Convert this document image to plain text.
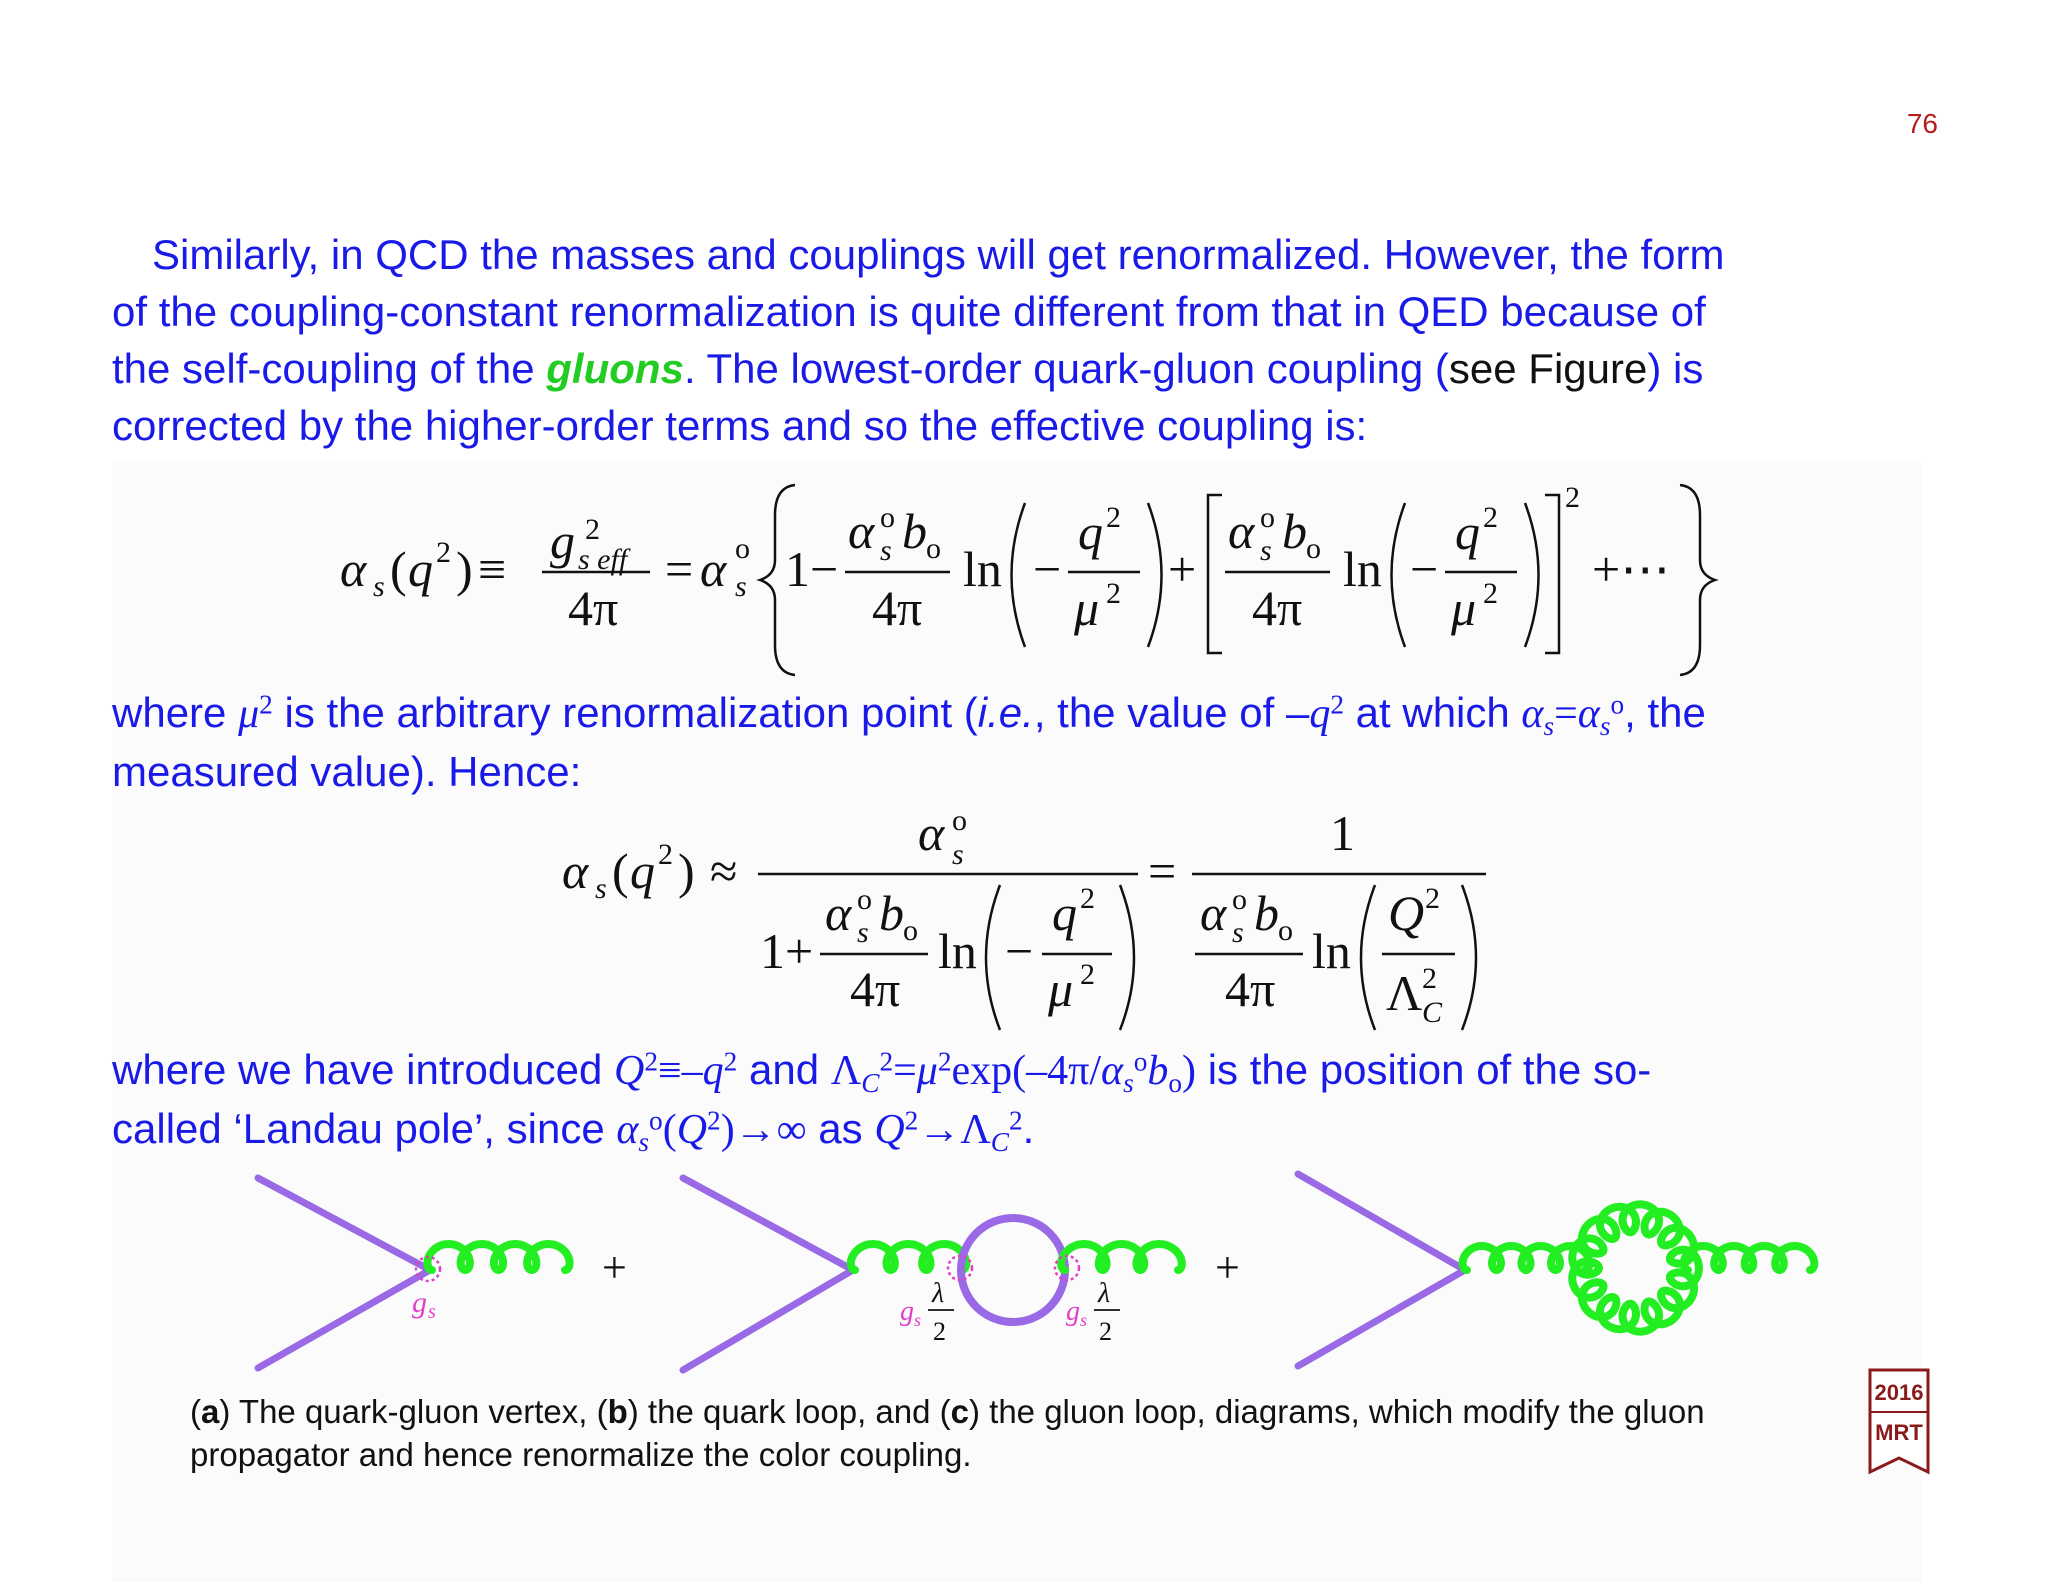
76
Similarly, in QCD the masses and couplings will get renormalized. However, the form
of the coupling-constant renormalization is quite different from that in QED because of
the self-coupling of the gluons. The lowest-order quark-gluon coupling (see Figure) is
corrected by the higher-order terms and so the effective coupling is:
α s ( q 2 ) ≡
2
g s eff
4π
= α o
s 1−
α o
s b o
4π
ln −
q 2
μ 2 +
α o
s b o
4π
ln −
q 2
μ 2
2
+⋯
where $\mu^2$ is the arbitrary renormalization point (i.e., the value of $-q^2$ at which $\alpha_s=\alpha_s^o$, the
measured value). Hence:
α s ( q 2 ) ≈
α o
s
1+
α o
s b o
4π
ln −
q 2
μ 2
=
1
α o
s b o
4π
ln
Q 2
Λ 2
C
where we have introduced $Q^2\equiv-q^2$ and $\Lambda_C^2=\mu^2\exp(-4\pi/\alpha_s^ob_o)$ is the position of the so-
called ‘Landau pole’, since $\alpha_s^o(Q^2)\to\infty$ as $Q^2\to\Lambda_C^2$.
g s
+
g s
λ
2
g s
λ
2
+
(a) The quark-gluon vertex, (b) the quark loop, and (c) the gluon loop, diagrams, which modify the gluon propagator and hence renormalize the color coupling.
2016
MRT
